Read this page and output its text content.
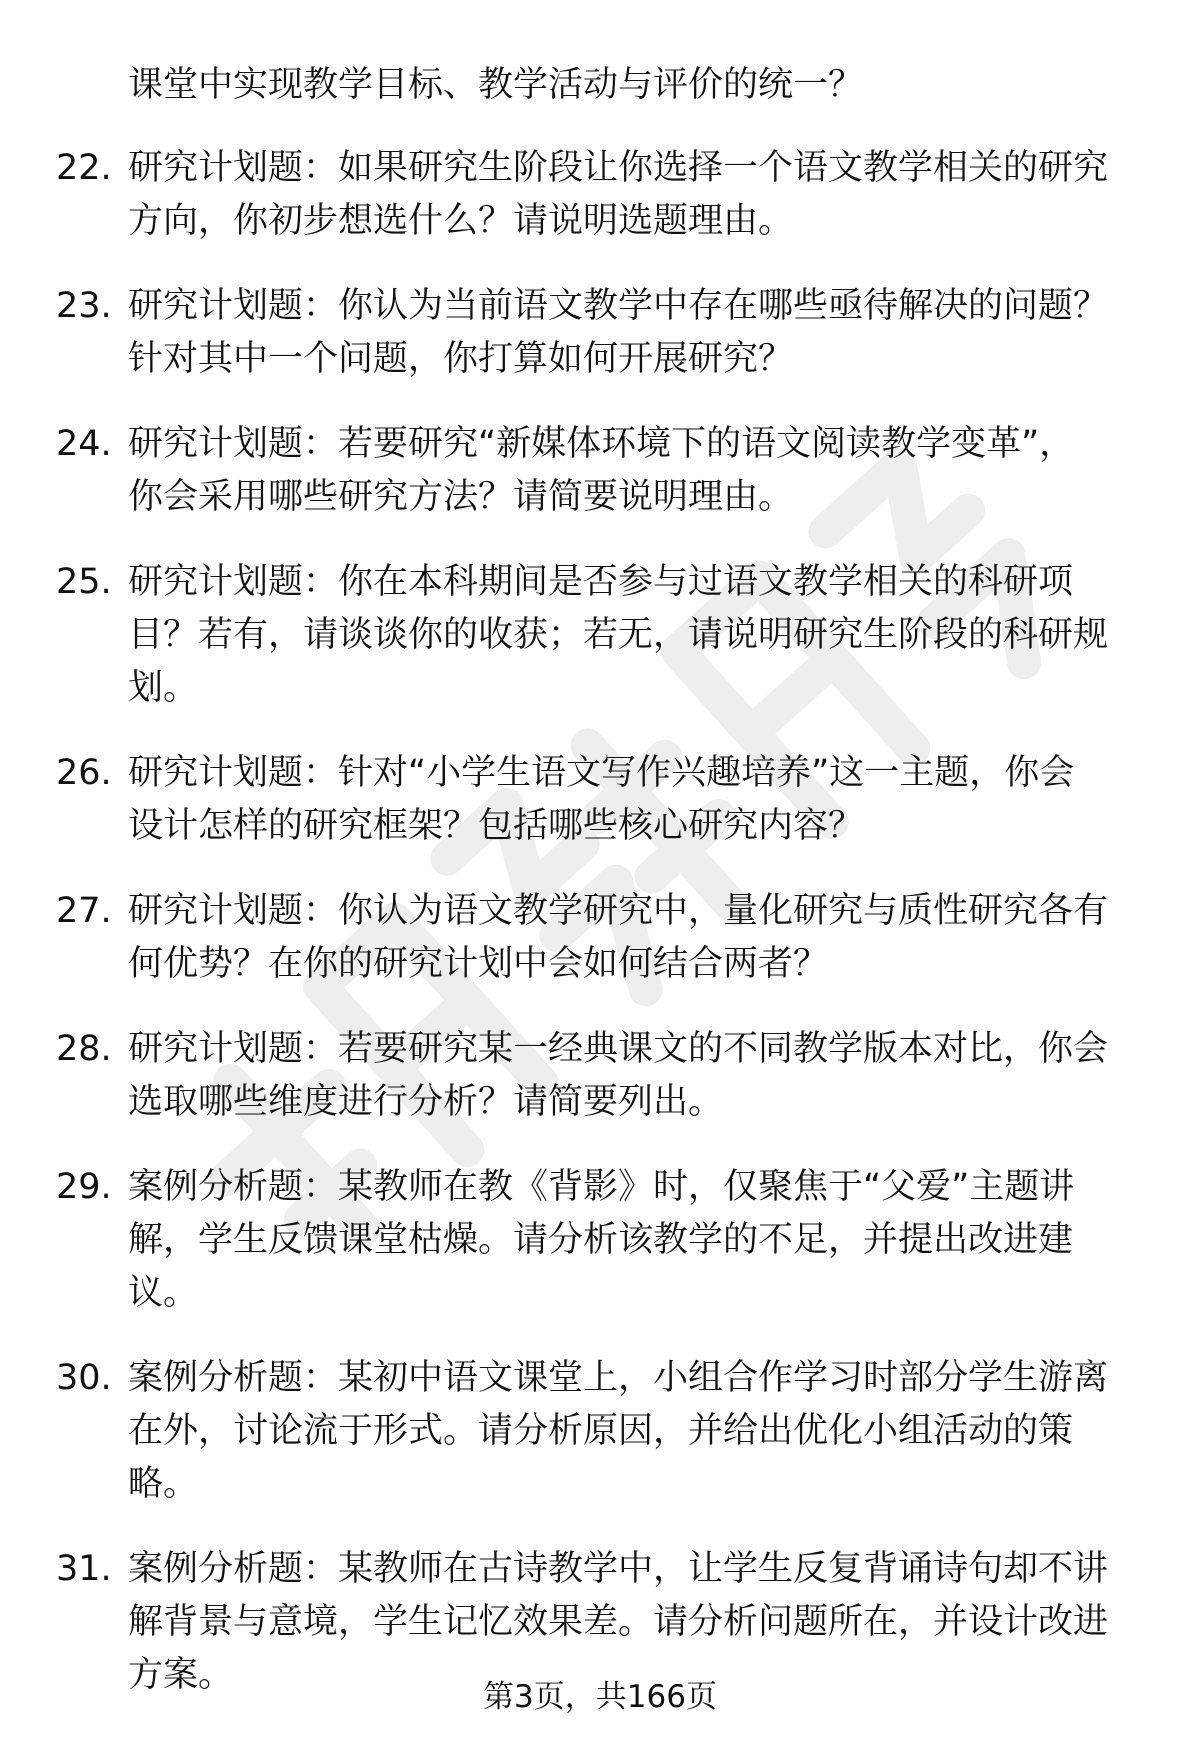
课堂中实现教学目标、教学活动与评价的统一？
22. 研究计划题：如果研究生阶段让你选择一个语文教学相关的研究
方向，你初步想选什么？请说明选题理由。
23. 研究计划题：你认为当前语文教学中存在哪些亟待解决的问题？
针对其中一个问题，你打算如何开展研究？
24. 研究计划题：若要研究“新媒体环境下的语文阅读教学变革”，
你会采用哪些研究方法？请简要说明理由。
25. 研究计划题：你在本科期间是否参与过语文教学相关的科研项
目？若有，请谈谈你的收获；若无，请说明研究生阶段的科研规
划。
26. 研究计划题：针对“小学生语文写作兴趣培养”这一主题，你会
设计怎样的研究框架？包括哪些核心研究内容？
27. 研究计划题：你认为语文教学研究中，量化研究与质性研究各有
何优势？在你的研究计划中会如何结合两者？
28. 研究计划题：若要研究某一经典课文的不同教学版本对比，你会
选取哪些维度进行分析？请简要列出。
29. 案例分析题：某教师在教《背影》时，仅聚焦于“父爱”主题讲
解，学生反馈课堂枯燥。请分析该教学的不足，并提出改进建
议。
30. 案例分析题：某初中语文课堂上，小组合作学习时部分学生游离
在外，讨论流于形式。请分析原因，并给出优化小组活动的策
略。
31. 案例分析题：某教师在古诗教学中，让学生反复背诵诗句却不讲
解背景与意境，学生记忆效果差。请分析问题所在，并设计改进
方案。
第3页，共166页
